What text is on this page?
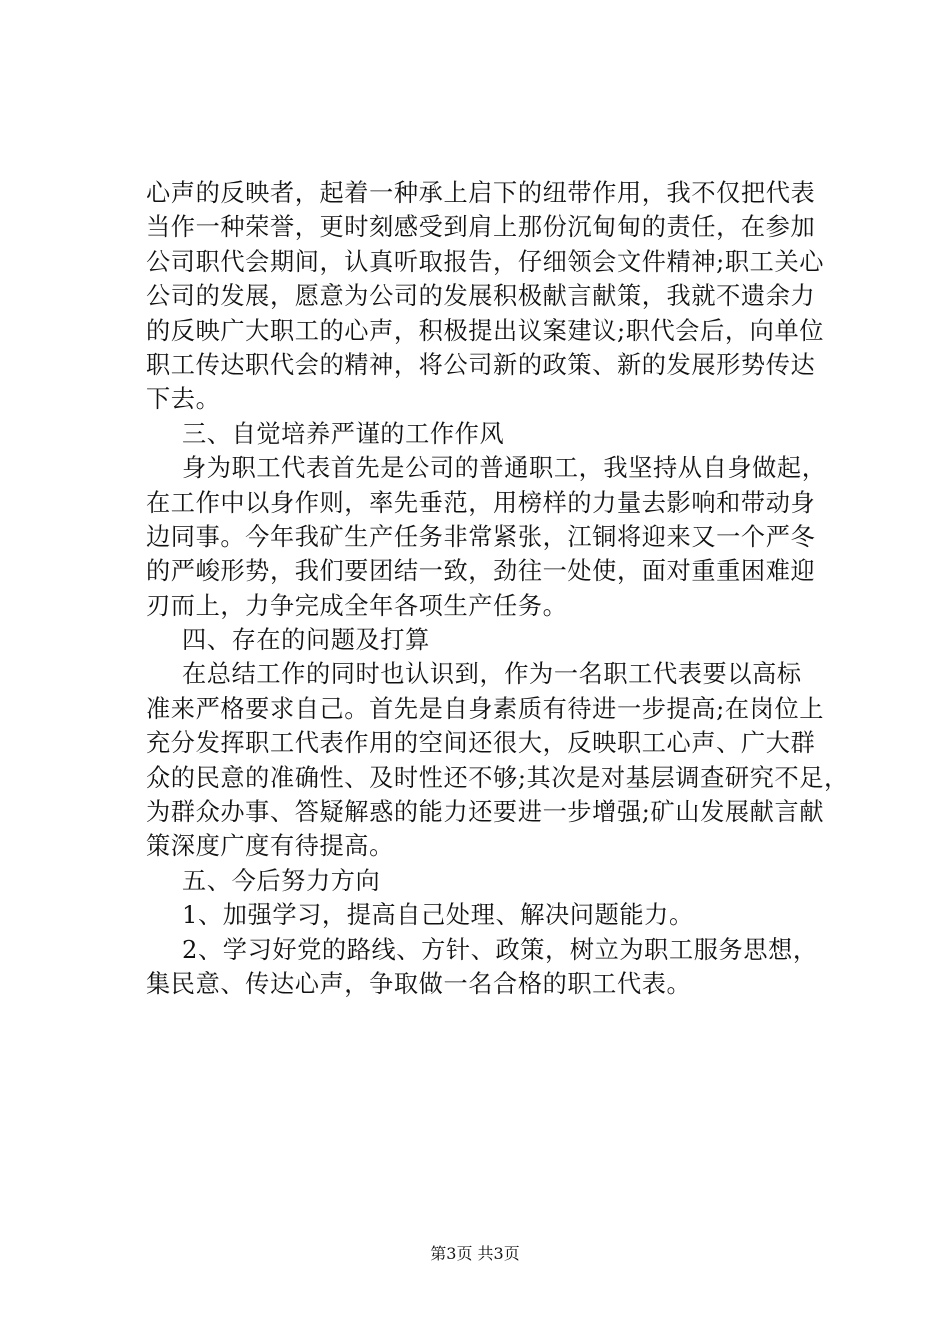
心声的反映者，起着一种承上启下的纽带作用，我不仅把代表
当作一种荣誉，更时刻感受到肩上那份沉甸甸的责任，在参加
公司职代会期间，认真听取报告，仔细领会文件精神;职工关心
公司的发展，愿意为公司的发展积极献言献策，我就不遗余力
的反映广大职工的心声，积极提出议案建议;职代会后，向单位
职工传达职代会的精神，将公司新的政策、新的发展形势传达
下去。
三、自觉培养严谨的工作作风
身为职工代表首先是公司的普通职工，我坚持从自身做起，
在工作中以身作则，率先垂范，用榜样的力量去影响和带动身
边同事。今年我矿生产任务非常紧张，江铜将迎来又一个严冬
的严峻形势，我们要团结一致，劲往一处使，面对重重困难迎
刃而上，力争完成全年各项生产任务。
四、存在的问题及打算
在总结工作的同时也认识到，作为一名职工代表要以高标
准来严格要求自己。首先是自身素质有待进一步提高;在岗位上
充分发挥职工代表作用的空间还很大，反映职工心声、广大群
众的民意的准确性、及时性还不够;其次是对基层调查研究不足，
为群众办事、答疑解惑的能力还要进一步增强;矿山发展献言献
策深度广度有待提高。
五、今后努力方向
1、加强学习，提高自己处理、解决问题能力。
2、学习好党的路线、方针、政策，树立为职工服务思想，
集民意、传达心声，争取做一名合格的职工代表。
第3页 共3页
